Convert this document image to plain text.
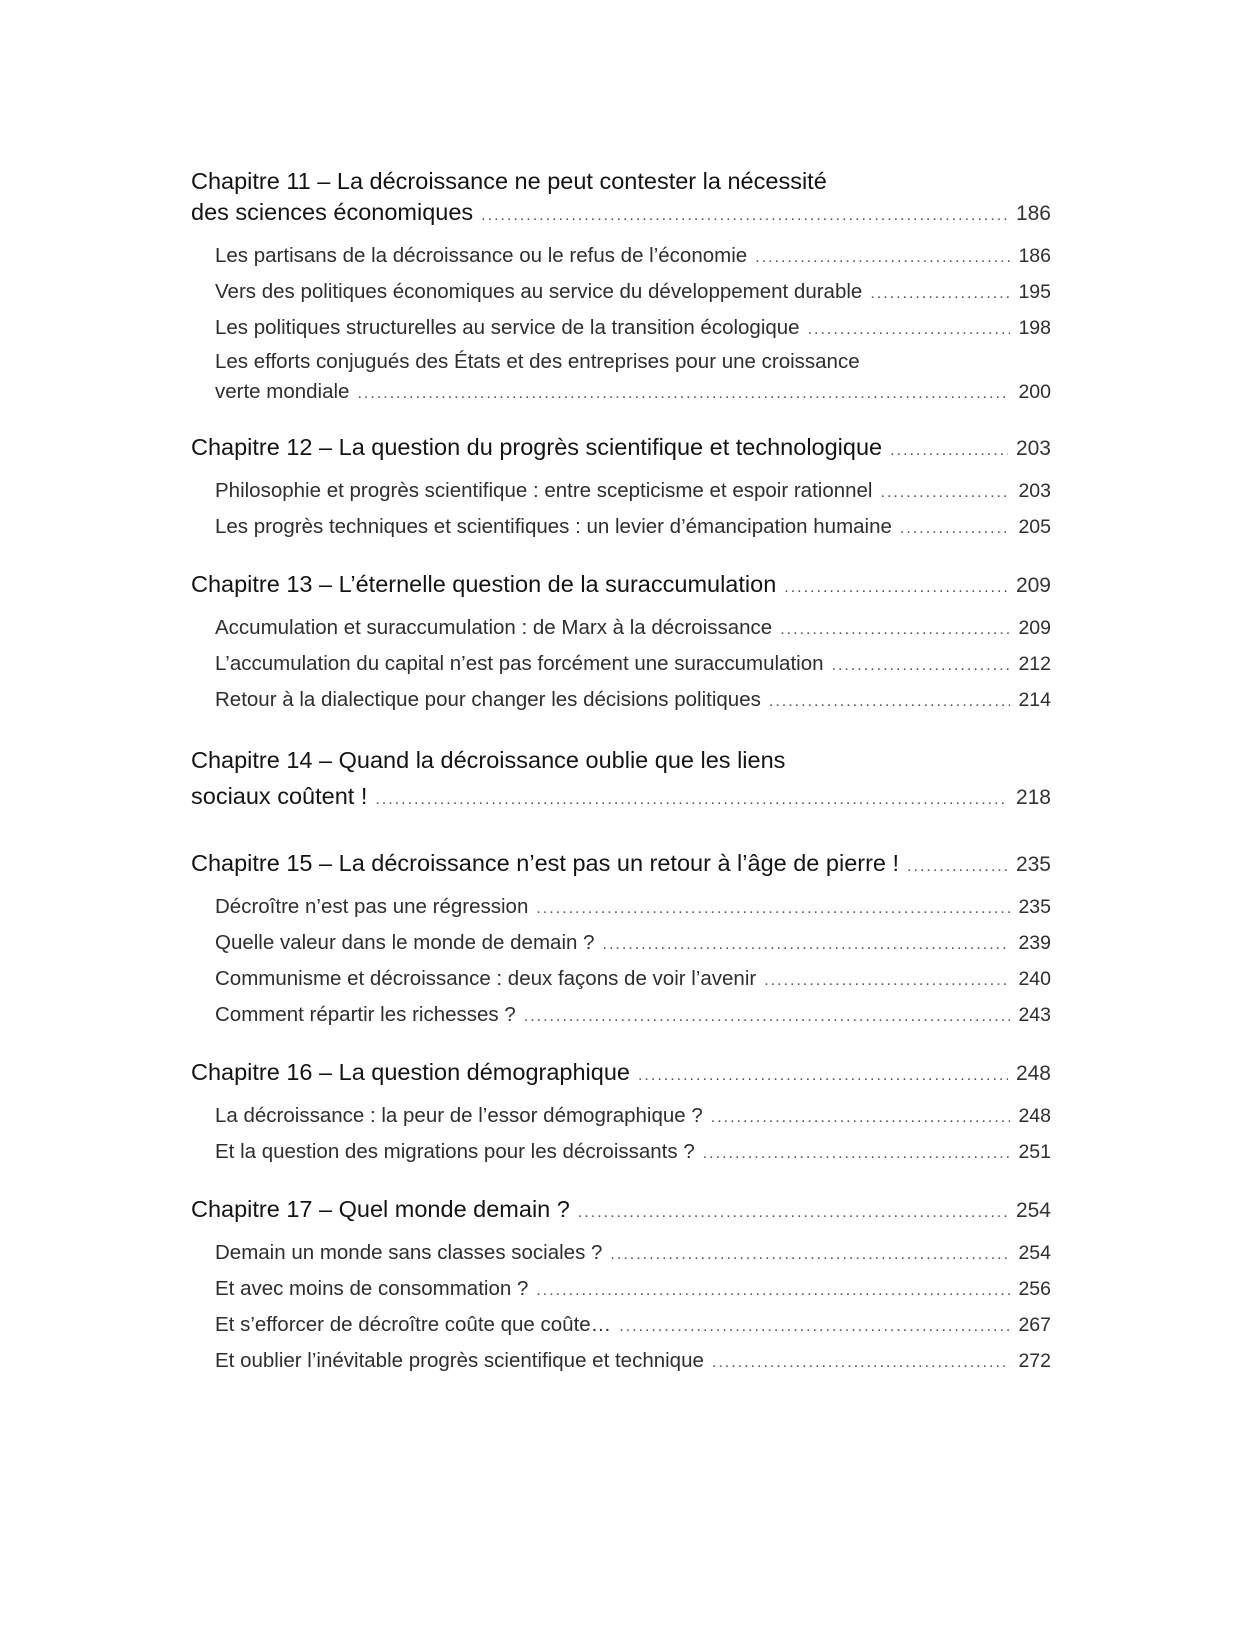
Chapitre 11 – La décroissance ne peut contester la nécessité
des sciences économiques .....	186
Les partisans de la décroissance ou le refus de l’économie .....	186
Vers des politiques économiques au service du développement durable .....	195
Les politiques structurelles au service de la transition écologique .....	198
Les efforts conjugués des États et des entreprises pour une croissance
verte mondiale .....	200
Chapitre 12 – La question du progrès scientifique et technologique .....	203
Philosophie et progrès scientifique : entre scepticisme et espoir rationnel .....	203
Les progrès techniques et scientifiques : un levier d’émancipation humaine .....	205
Chapitre 13 – L’éternelle question de la suraccumulation .....	209
Accumulation et suraccumulation : de Marx à la décroissance .....	209
L’accumulation du capital n’est pas forcément une suraccumulation .....	212
Retour à la dialectique pour changer les décisions politiques .....	214
Chapitre 14 – Quand la décroissance oublie que les liens
sociaux coûtent ! .....	218
Chapitre 15 – La décroissance n’est pas un retour à l’âge de pierre ! .....	235
Décroître n’est pas une régression .....	235
Quelle valeur dans le monde de demain ? .....	239
Communisme et décroissance : deux façons de voir l’avenir .....	240
Comment répartir les richesses ? .....	243
Chapitre 16 – La question démographique .....	248
La décroissance : la peur de l’essor démographique ? .....	248
Et la question des migrations pour les décroissants ? .....	251
Chapitre 17 – Quel monde demain ? .....	254
Demain un monde sans classes sociales ? .....	254
Et avec moins de consommation ? .....	256
Et s’efforcer de décroître coûte que coûte… .....	267
Et oublier l’inévitable progrès scientifique et technique .....	272
